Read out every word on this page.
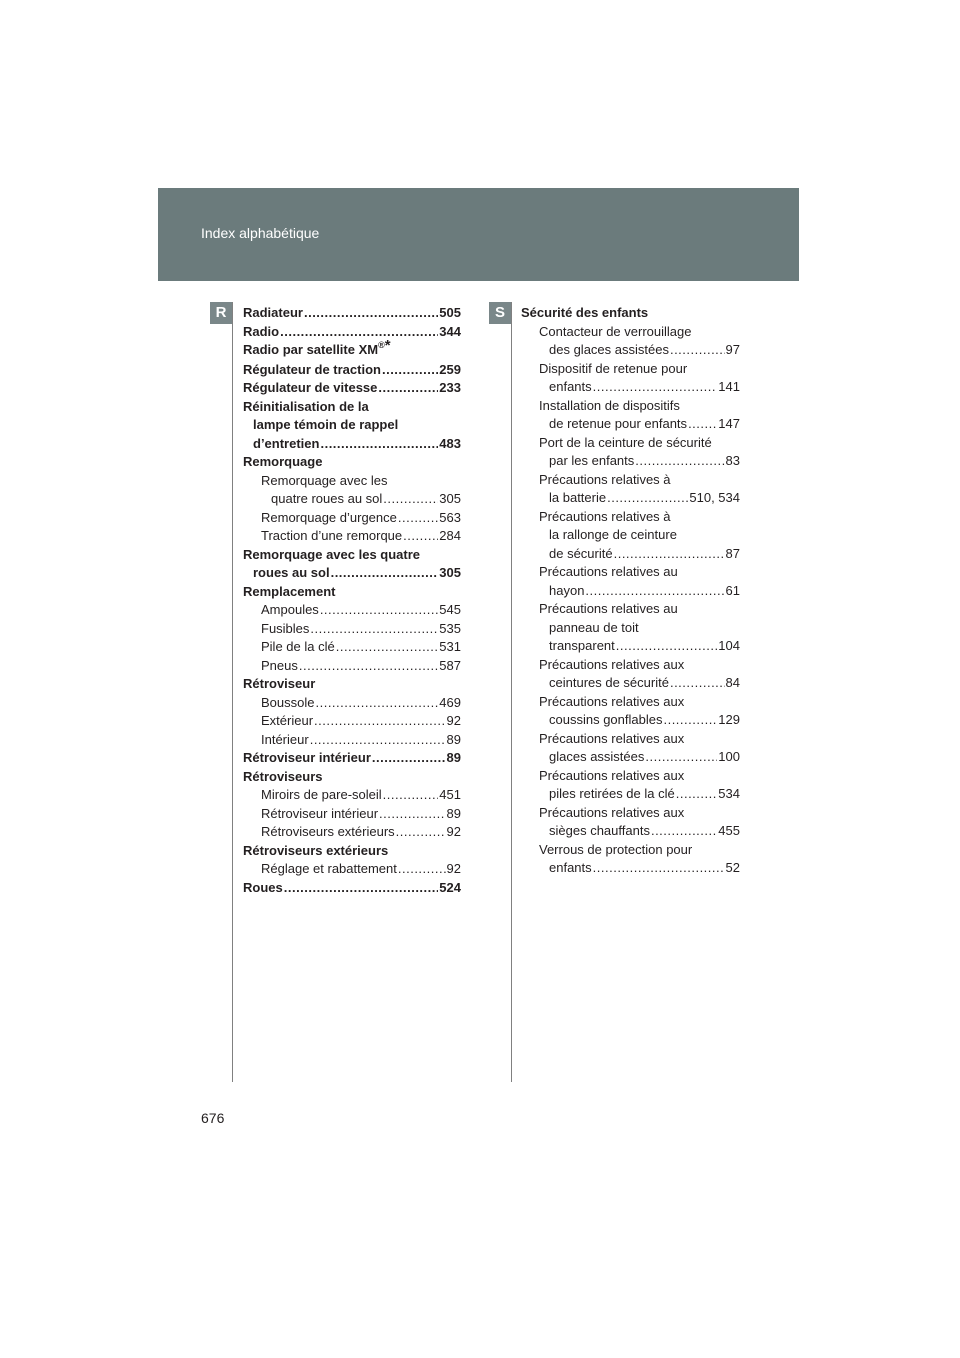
Index alphabétique
R	S
Radiateur .....	505
Radio .....	344
Radio par satellite XM®*
Régulateur de traction .....	259
Régulateur de vitesse .....	233
Réinitialisation de la
lampe témoin de rappel
d’entretien .....	483
Remorquage
Remorquage avec les
quatre roues au sol .....	305
Remorquage d’urgence .....	563
Traction d’une remorque .....	284
Remorquage avec les quatre
roues au sol .....	305
Remplacement
Ampoules .....	545
Fusibles .....	535
Pile de la clé .....	531
Pneus .....	587
Rétroviseur
Boussole .....	469
Extérieur .....	92
Intérieur .....	89
Rétroviseur intérieur .....	89
Rétroviseurs
Miroirs de pare-soleil .....	451
Rétroviseur intérieur .....	89
Rétroviseurs extérieurs .....	92
Rétroviseurs extérieurs
Réglage et rabattement .....	92
Roues .....	524
Sécurité des enfants
Contacteur de verrouillage
des glaces assistées .....	97
Dispositif de retenue pour
enfants .....	141
Installation de dispositifs
de retenue pour enfants ..... 147
Port de la ceinture de sécurité
par les enfants .....	83
Précautions relatives à
la batterie .....	510, 534
Précautions relatives à
la rallonge de ceinture
de sécurité .....	87
Précautions relatives au
hayon .....	61
Précautions relatives au
panneau de toit
transparent .....	104
Précautions relatives aux
ceintures de sécurité .....	84
Précautions relatives aux
coussins gonflables .....	129
Précautions relatives aux
glaces assistées .....	100
Précautions relatives aux
piles retirées de la clé .....	534
Précautions relatives aux
sièges chauffants .....	455
Verrous de protection pour
enfants .....	52
676
